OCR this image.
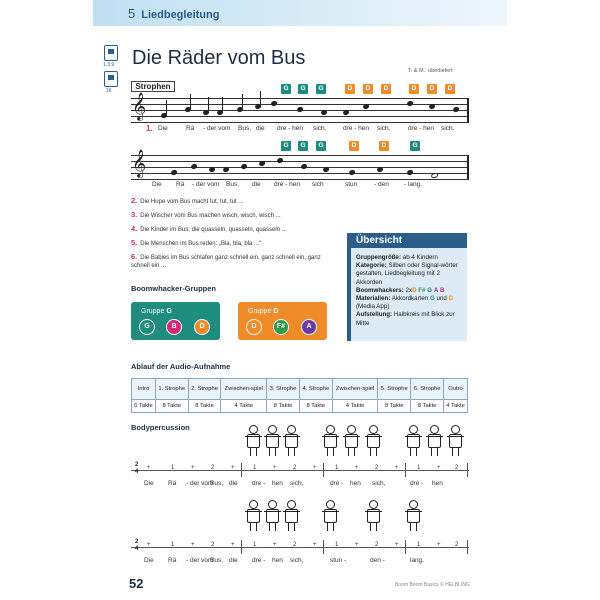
5 Liedbegleitung
1.3.9
16
Die Räder vom Bus
T. & M.: überliefert
Strophen	G	G	G	D	D	D	D	D	D
𝄞
1. Die	Rä - der vom Bus, die dre - hen sich,	dre - hen sich,	dre - hen sich.
G	G	G	D	D	G
𝄞
Die Rä - der vom Bus, die dre - hen sich	stun	- den - lang.
2. Die Hupe vom Bus macht tut, tut, tut ...
3. Die Wischer vom Bus machen wisch, wisch, wisch ...
4. Die Kinder im Bus, die quasseln, quasseln, quasseln ...
5. Die Menschen im Bus reden: „Bla, bla, bla ...“
6. Die Babies im Bus schlafen ganz schnell ein, ganz schnell ein, ganz schnell ein ...
Übersicht
Gruppengröße: ab 4 Kindern
Kategorie: Silben oder Signal-wörter gestalten, Liedbegleitung mit 2 Akkorden
Boomwhackers: 2xD F# G A B
Materialien: Akkordkarten G und D (Media App)
Aufstellung: Halbkreis mit Blick zur Mitte
Boomwhacker-Gruppen
Gruppe G
G	B	D
Gruppe D
D	F#	A
Ablauf der Audio-Aufnahme
Intro	1. Strophe	2. Strophe	Zwischen-spiel	3. Strophe	4. Strophe	Zwischen-spiel	5. Strophe	6. Strophe	Outro
6 Takte	8 Takte	8 Takte	4 Takte	8 Takte	8 Takte	4 Takte	8 Takte	8 Takte	4 Takte
Bodypercussion
2
4
+	1	+	2	+	1	+	2	+	1	+	2	+	1	+ 2
Die Rä - der vom
Bus, die dre - hen sich,	dre - hen sich,	dre - hen
2
4
+	1	+	2	+	1	+	2	+	1	+	2	+	1	+ 2
Die Rä - der vom
Bus, die dre - hen sich,	stun -	den -	lang.
52	Boom Boom Basics © HELBLING
